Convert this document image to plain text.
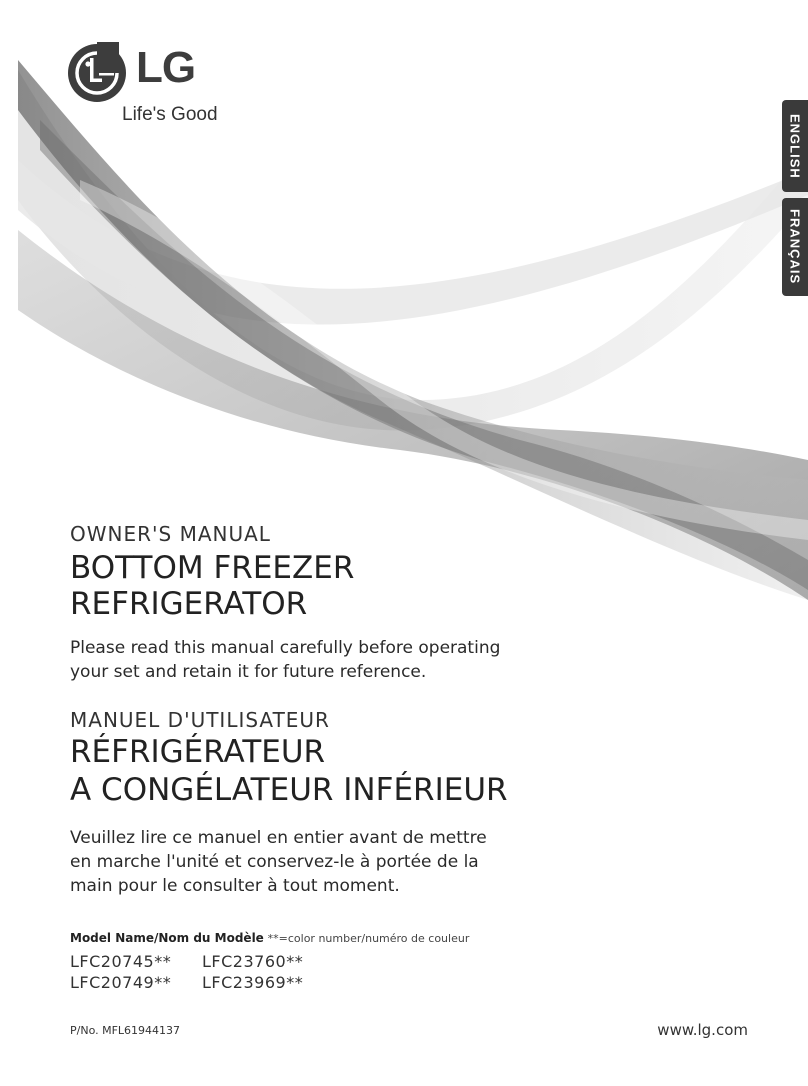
LG
Life's Good	ENGLISH
FRANÇAIS
OWNER'S MANUAL
BOTTOM FREEZER
REFRIGERATOR
Please read this manual carefully before operating
your set and retain it for future reference.
MANUEL D'UTILISATEUR
RÉFRIGÉRATEUR
A CONGÉLATEUR INFÉRIEUR
Veuillez lire ce manuel en entier avant de mettre
en marche l'unité et conservez-le à portée de la
main pour le consulter à tout moment.
Model Name/Nom du Modèle **=color number/numéro de couleur
LFC20745**	LFC23760**
LFC20749**	LFC23969**
P/No. MFL61944137	www.lg.com
